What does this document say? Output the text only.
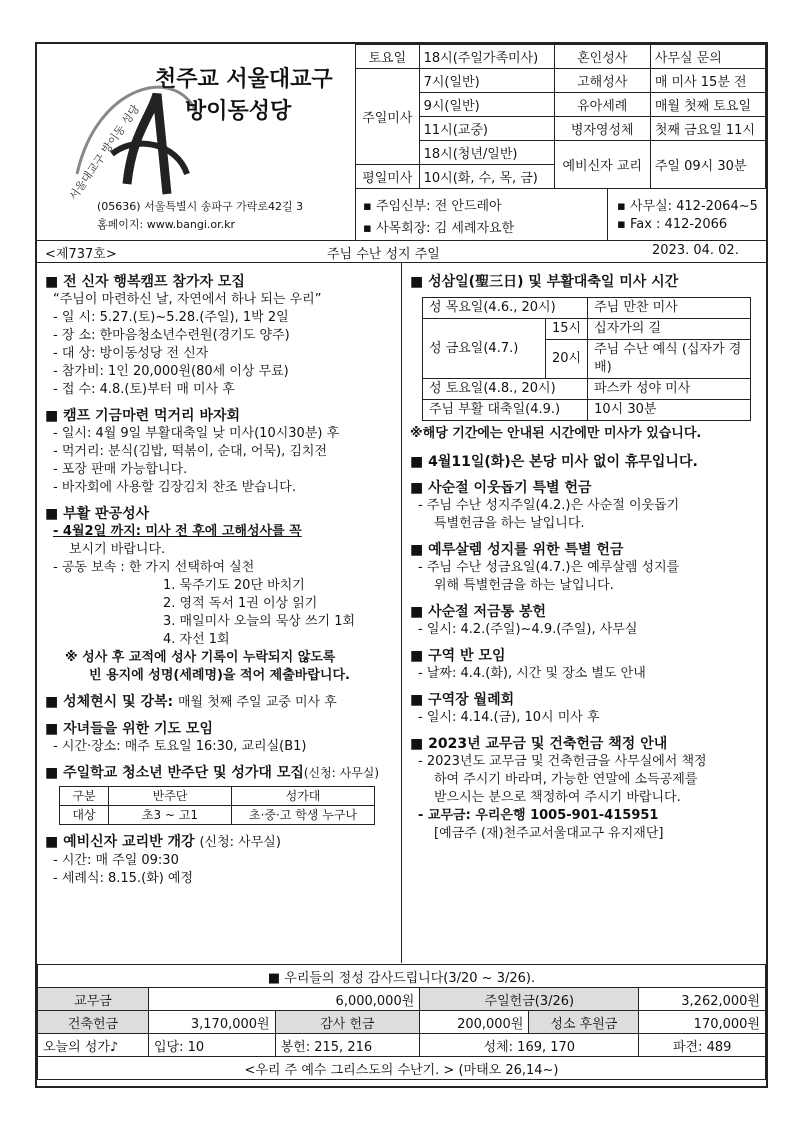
서울대교구 방이동 성당
천주교 서울대교구
방이동성당
(05636) 서울특별시 송파구 가락로42길 3
홈페이지: www.bangi.or.kr
토요일	18시(주일가족미사)	혼인성사	사무실 문의
주일미사	7시(일반)	고해성사	매 미사 15분 전
	9시(일반)	유아세례	매월 첫째 토요일
	11시(교중)	병자영성체	첫째 금요일 11시
	18시(청년/일반)	예비신자 교리	주일 09시 30분
평일미사	10시(화, 수, 목, 금)		
▪ 주임신부: 전 안드레아
▪ 사목회장: 김 세례자요한
▪ 사무실: 412-2064~5
▪ Fax : 412-2066
<제737호>	주님 수난 성지 주일	2023. 04. 02.
■ 전 신자 행복캠프 참가자 모집
“주님이 마련하신 날, 자연에서 하나 되는 우리”
- 일 시: 5.27.(토)~5.28.(주일), 1박 2일
- 장 소: 한마음청소년수련원(경기도 양주)
- 대 상: 방이동성당 전 신자
- 참가비: 1인 20,000원(80세 이상 무료)
- 접 수: 4.8.(토)부터 매 미사 후
■ 캠프 기금마련 먹거리 바자회
- 일시: 4월 9일 부활대축일 낮 미사(10시30분) 후
- 먹거리: 분식(김밥, 떡볶이, 순대, 어묵), 김치전
- 포장 판매 가능합니다.
- 바자회에 사용할 김장김치 찬조 받습니다.
■ 부활 판공성사
- 4월2일 까지: 미사 전 후에 고해성사를 꼭
보시기 바랍니다.
- 공동 보속 : 한 가지 선택하여 실천
1. 묵주기도 20단 바치기
2. 영적 독서 1권 이상 읽기
3. 매일미사 오늘의 묵상 쓰기 1회
4. 자선 1회
※ 성사 후 교적에 성사 기록이 누락되지 않도록
빈 용지에 성명(세례명)을 적어 제출바랍니다.
■ 성체현시 및 강복: 매월 첫째 주일 교중 미사 후
■ 자녀들을 위한 기도 모임
- 시간·장소: 매주 토요일 16:30, 교리실(B1)
■ 주일학교 청소년 반주단 및 성가대 모집(신청: 사무실)
구분	반주단	성가대
대상	초3 ~ 고1	초·중·고 학생 누구나
■ 예비신자 교리반 개강 (신청: 사무실)
- 시간: 매 주일 09:30
- 세례식: 8.15.(화) 예정
■ 성삼일(聖三日) 및 부활대축일 미사 시간
성 목요일(4.6., 20시)		주님 만찬 미사
성 금요일(4.7.)	15시	십자가의 길
	20시	주님 수난 예식 (십자가 경배)
성 토요일(4.8., 20시)		파스카 성야 미사
주님 부활 대축일(4.9.)		10시 30분
※해당 기간에는 안내된 시간에만 미사가 있습니다.
■ 4월11일(화)은 본당 미사 없이 휴무입니다.
■ 사순절 이웃돕기 특별 헌금
- 주님 수난 성지주일(4.2.)은 사순절 이웃돕기
특별헌금을 하는 날입니다.
■ 예루살렘 성지를 위한 특별 헌금
- 주님 수난 성금요일(4.7.)은 예루살렘 성지를
위해 특별헌금을 하는 날입니다.
■ 사순절 저금통 봉헌
- 일시: 4.2.(주일)~4.9.(주일), 사무실
■ 구역 반 모임
- 날짜: 4.4.(화), 시간 및 장소 별도 안내
■ 구역장 월례회
- 일시: 4.14.(금), 10시 미사 후
■ 2023년 교무금 및 건축헌금 책정 안내
- 2023년도 교무금 및 건축헌금을 사무실에서 책정
하여 주시기 바라며, 가능한 연말에 소득공제를
받으시는 분으로 책정하여 주시기 바랍니다.
- 교무금: 우리은행 1005-901-415951
[예금주 (재)천주교서울대교구 유지재단]
■ 우리들의 정성 감사드립니다(3/20 ~ 3/26).					
교무금	6,000,000원		주일헌금(3/26)		3,262,000원
건축헌금	3,170,000원	감사 헌금	200,000원	성소 후원금	170,000원
오늘의 성가♪	입당: 10	봉헌: 215, 216	성체: 169, 170		파견: 489
<우리 주 예수 그리스도의 수난기. > (마태오 26,14~)					
